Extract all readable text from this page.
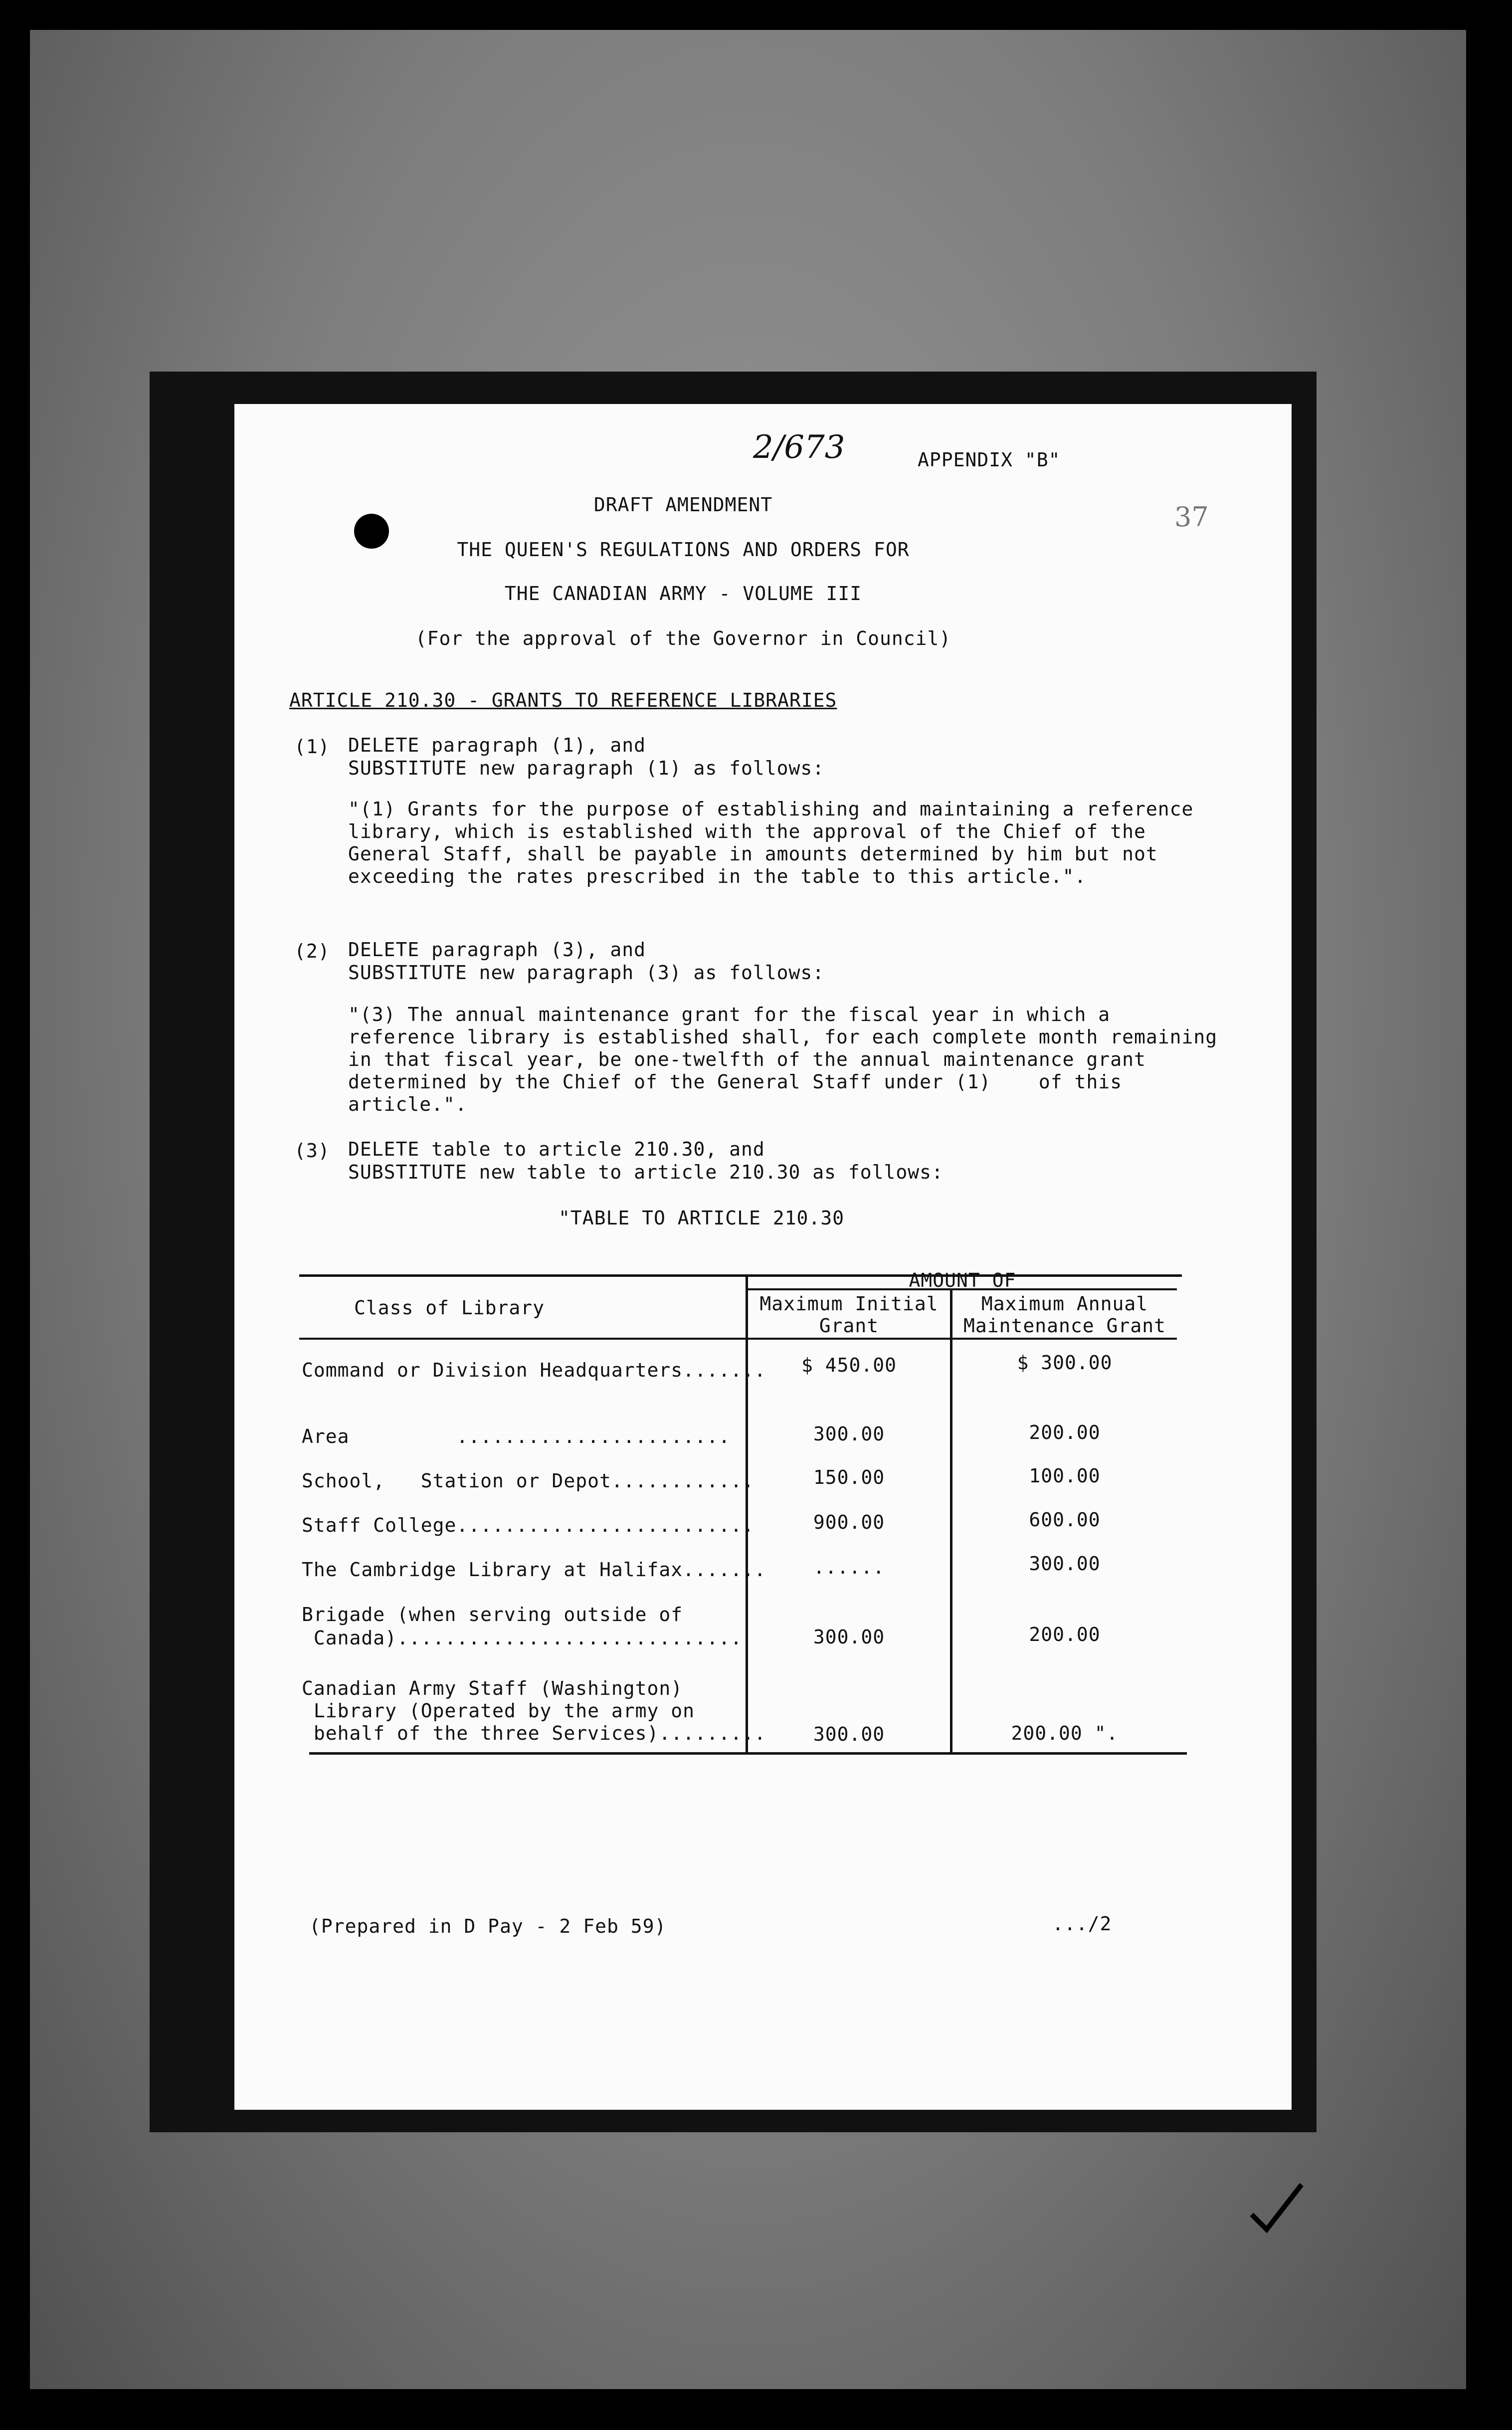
2/673	APPENDIX "B"
37
DRAFT AMENDMENT
THE QUEEN'S REGULATIONS AND ORDERS FOR
THE CANADIAN ARMY - VOLUME III
(For the approval of the Governor in Council)
ARTICLE 210.30 - GRANTS TO REFERENCE LIBRARIES
(1) DELETE paragraph (1), and
SUBSTITUTE new paragraph (1) as follows:
"(1) Grants for the purpose of establishing and maintaining a reference
library, which is established with the approval of the Chief of the
General Staff, shall be payable in amounts determined by him but not
exceeding the rates prescribed in the table to this article.".
(2) DELETE paragraph (3), and
SUBSTITUTE new paragraph (3) as follows:
"(3) The annual maintenance grant for the fiscal year in which a
reference library is established shall, for each complete month remaining
in that fiscal year, be one-twelfth of the annual maintenance grant
determined by the Chief of the General Staff under (1)    of this
article.".
(3) DELETE table to article 210.30, and
SUBSTITUTE new table to article 210.30 as follows:
"TABLE TO ARTICLE 210.30
Class of Library
AMOUNT OF
Maximum Initial
Grant
Maximum Annual
Maintenance Grant
Command or Division Headquarters.......	$ 450.00	$ 300.00
Area         .......................	300.00	200.00
School,   Station or Depot............	150.00	100.00
Staff College.........................	900.00	600.00
The Cambridge Library at Halifax.......	......	300.00
Brigade (when serving outside of
Canada).............................	300.00	200.00
Canadian Army Staff (Washington)
Library (Operated by the army on
behalf of the three Services).........	300.00	200.00 ".
(Prepared in D Pay - 2 Feb 59)	.../2
